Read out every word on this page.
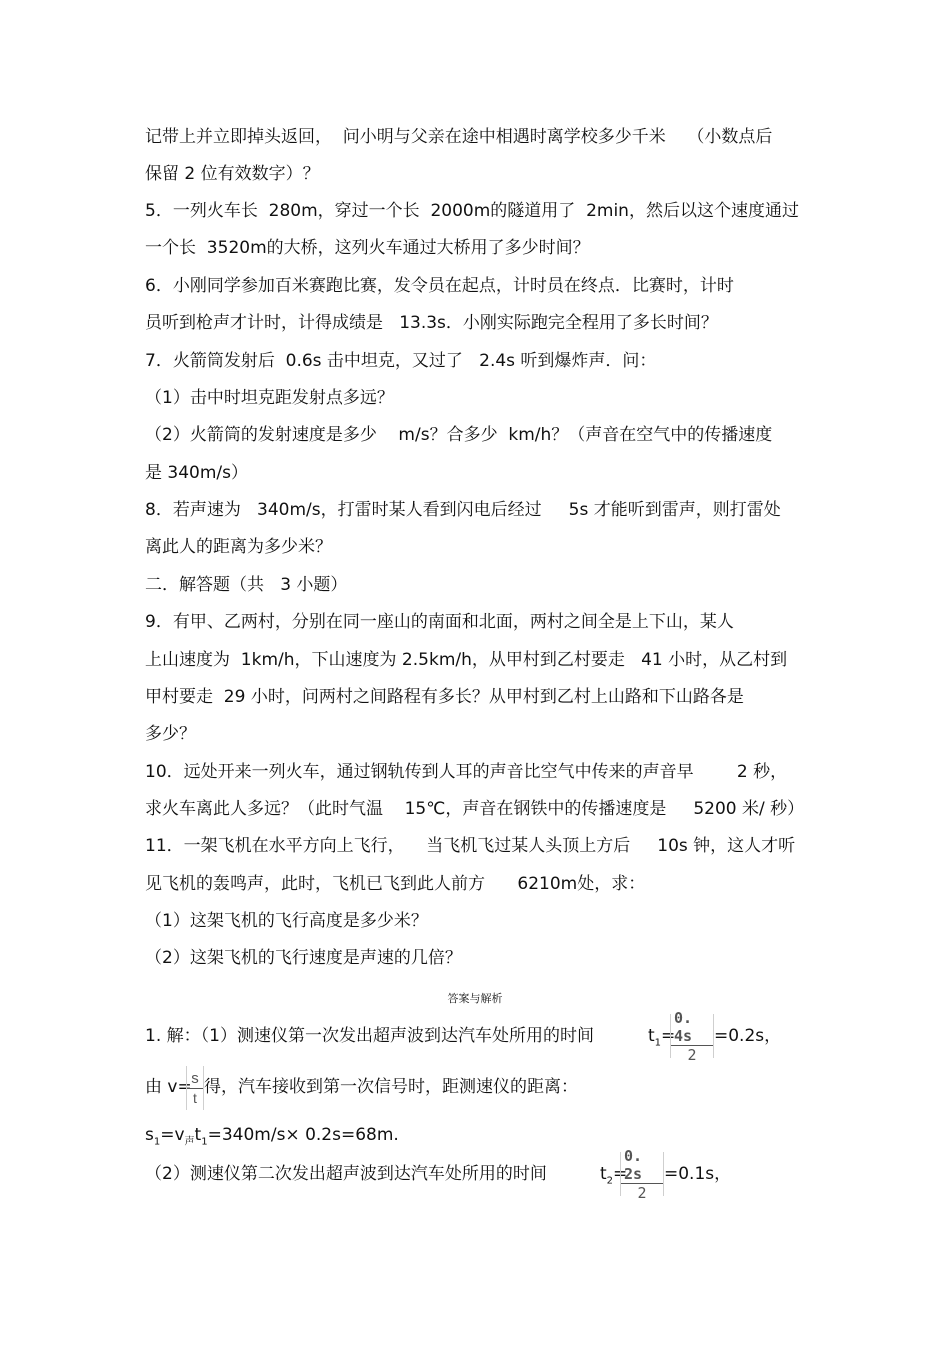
记带上并立即掉头返回，  问小明与父亲在途中相遇时离学校多少千米    （小数点后
保留 2 位有效数字）？
5．一列火车长  280m，穿过一个长  2000m的隧道用了  2min，然后以这个速度通过
一个长  3520m的大桥，这列火车通过大桥用了多少时间？
6．小刚同学参加百米赛跑比赛，发令员在起点，计时员在终点．比赛时，计时
员听到枪声才计时，计得成绩是   13.3s．小刚实际跑完全程用了多长时间？
7．火箭筒发射后  0.6s 击中坦克，又过了   2.4s 听到爆炸声．问：
（1）击中时坦克距发射点多远？
（2）火箭筒的发射速度是多少    m/s？合多少  km/h？（声音在空气中的传播速度
是 340m/s）
8．若声速为   340m/s，打雷时某人看到闪电后经过     5s 才能听到雷声，则打雷处
离此人的距离为多少米？
二．解答题（共   3 小题）
9．有甲、乙两村，分别在同一座山的南面和北面，两村之间全是上下山，某人
上山速度为  1km/h，下山速度为 2.5km/h，从甲村到乙村要走   41 小时，从乙村到
甲村要走  29 小时，问两村之间路程有多长？从甲村到乙村上山路和下山路各是
多少？
10．远处开来一列火车，通过钢轨传到人耳的声音比空气中传来的声音早        2 秒，
求火车离此人多远？（此时气温    15℃，声音在钢铁中的传播速度是     5200 米/ 秒）
11．一架飞机在水平方向上飞行，    当飞机飞过某人头顶上方后     10s 钟，这人才听
见飞机的轰鸣声，此时，飞机已飞到此人前方      6210m处，求：
（1）这架飞机的飞行高度是多少米？
（2）这架飞机的飞行速度是声速的几倍？
答案与解析
1. 解：（1）测速仪第一次发出超声波到达汽车处所用的时间	$t_1=$
0. 4s
2
=0.2s，
由 v= s
t
得，汽车接收到第一次信号时，距测速仪的距离：
$s_1=v_声t_1=340m/s\times 0.2s=68m$.
（2）测速仪第二次发出超声波到达汽车处所用的时间	$t_2=$
0. 2s
2
=0.1s，
